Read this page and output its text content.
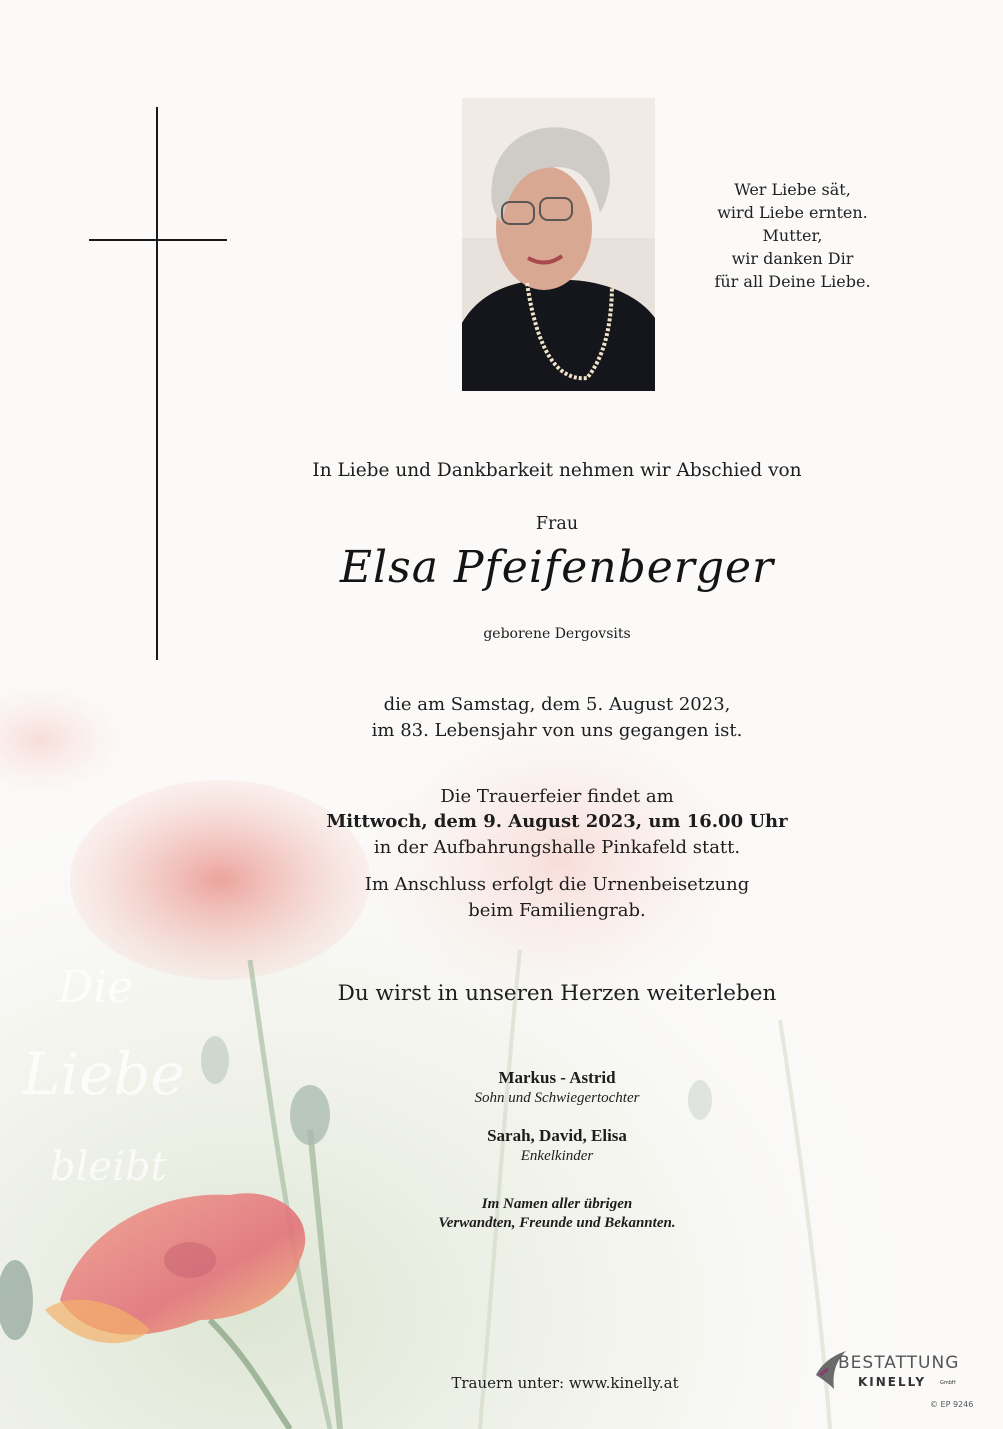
Die
Liebe
bleibt
Wer Liebe sät,
wird Liebe ernten.
Mutter,
wir danken Dir
für all Deine Liebe.
In Liebe und Dankbarkeit nehmen wir Abschied von
Frau
Elsa Pfeifenberger
geborene Dergovsits
die am Samstag, dem 5. August 2023,
im 83. Lebensjahr von uns gegangen ist.
Die Trauerfeier findet am
Mittwoch, dem 9. August 2023, um 16.00 Uhr
in der Aufbahrungshalle Pinkafeld statt.
Im Anschluss erfolgt die Urnenbeisetzung
beim Familiengrab.
Du wirst in unseren Herzen weiterleben
Markus - Astrid
Sohn und Schwiegertochter
Sarah, David, Elisa
Enkelkinder
Im Namen aller übrigen
Verwandten, Freunde und Bekannten.
Trauern unter: www.kinelly.at
BESTATTUNG
KINELLY	GmbH
© EP 9246
